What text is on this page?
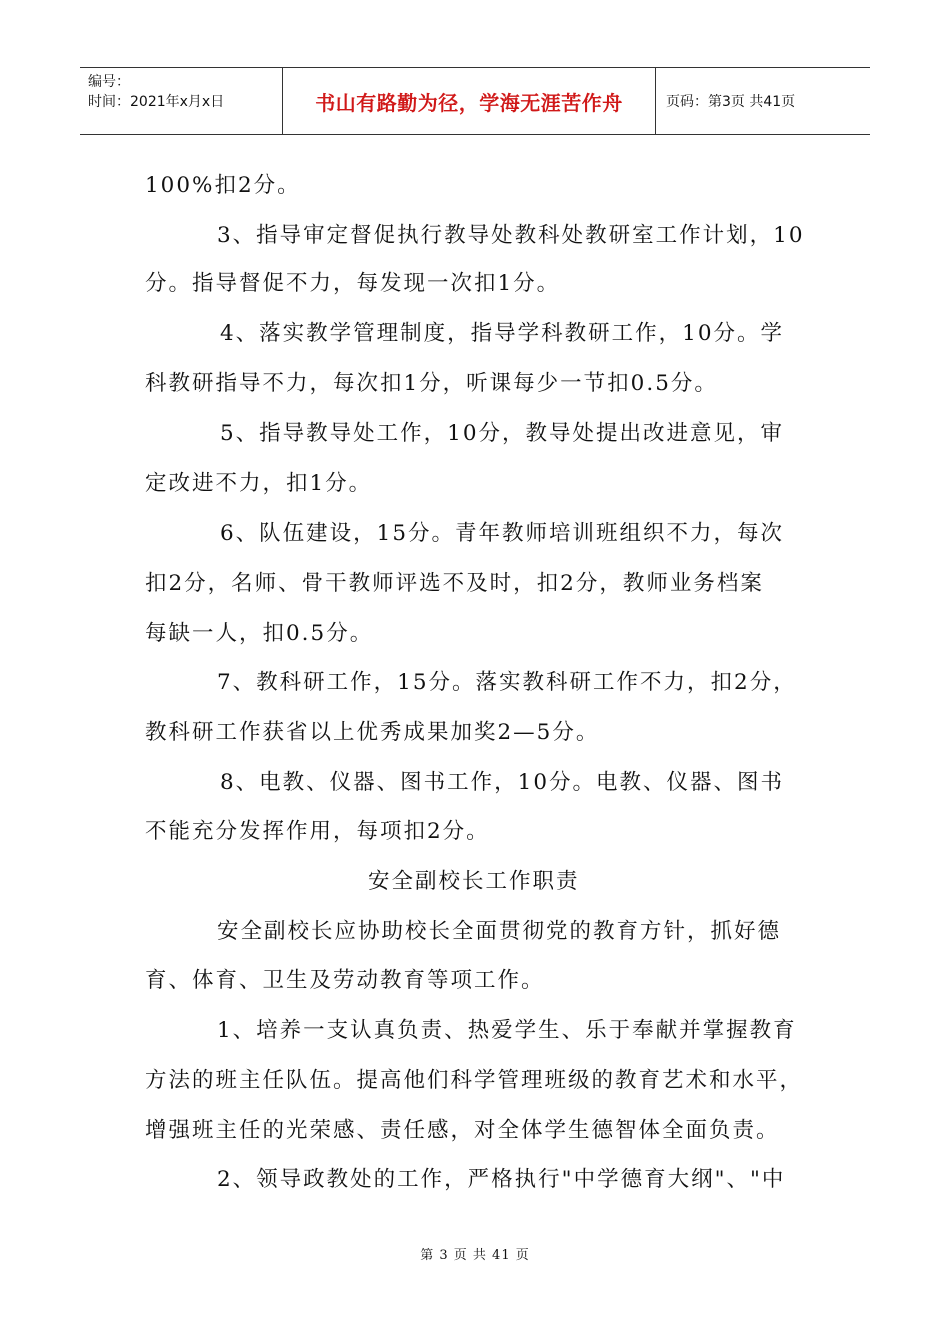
编号：
时间：2021年x月x日	书山有路勤为径，学海无涯苦作舟	页码：第3页 共41页
100%扣2分。
3、指导审定督促执行教导处教科处教研室工作计划，10
分。指导督促不力，每发现一次扣1分。
4、落实教学管理制度，指导学科教研工作，10分。学
科教研指导不力，每次扣1分，听课每少一节扣0.5分。
5、指导教导处工作，10分，教导处提出改进意见，审
定改进不力，扣1分。
6、队伍建设，15分。青年教师培训班组织不力，每次
扣2分，名师、骨干教师评选不及时，扣2分，教师业务档案
每缺一人，扣0.5分。
7、教科研工作，15分。落实教科研工作不力，扣2分，
教科研工作获省以上优秀成果加奖2—5分。
8、电教、仪器、图书工作，10分。电教、仪器、图书
不能充分发挥作用，每项扣2分。
安全副校长工作职责
安全副校长应协助校长全面贯彻党的教育方针，抓好德
育、体育、卫生及劳动教育等项工作。
1、培养一支认真负责、热爱学生、乐于奉献并掌握教育
方法的班主任队伍。提高他们科学管理班级的教育艺术和水平，
增强班主任的光荣感、责任感，对全体学生德智体全面负责。
2、领导政教处的工作，严格执行"中学德育大纲"、"中
第 3 页 共 41 页
